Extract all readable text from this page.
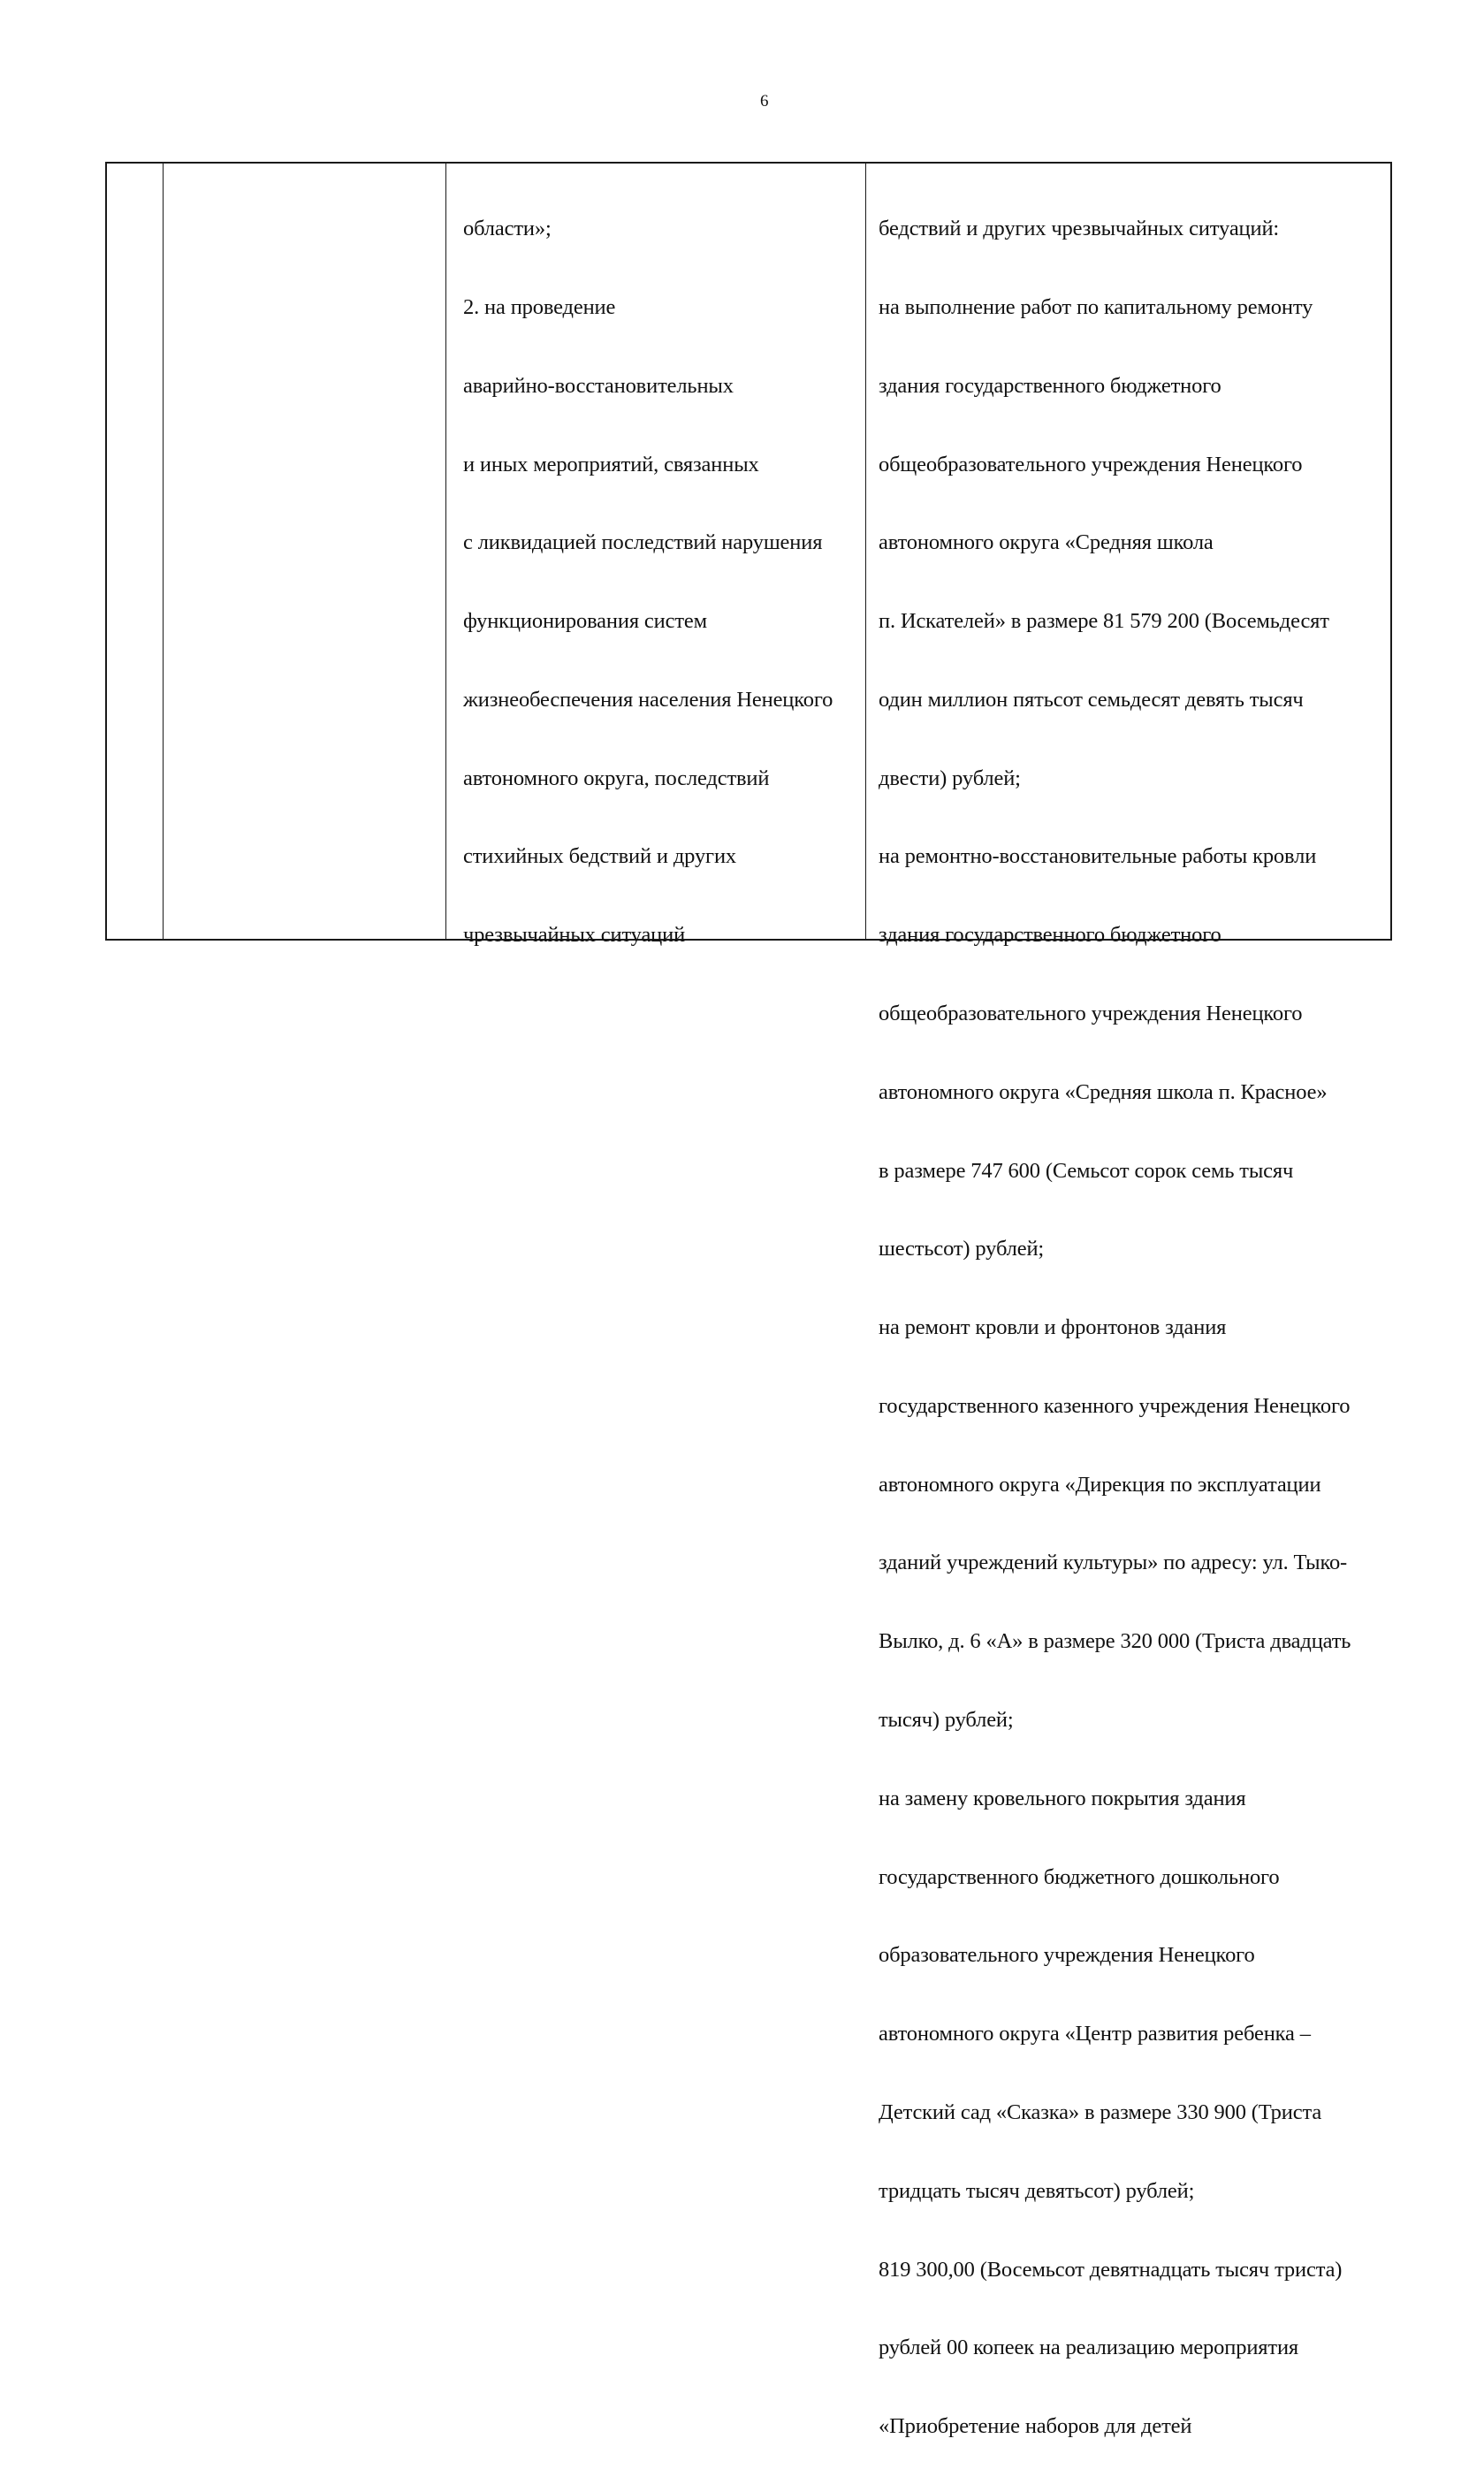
6

области»;

2. на проведение

аварийно-восстановительных

и иных мероприятий, связанных

с ликвидацией последствий нарушения

функционирования систем

жизнеобеспечения населения Ненецкого

автономного округа, последствий

стихийных бедствий и других

чрезвычайных ситуаций

бедствий и других чрезвычайных ситуаций:

на выполнение работ по капитальному ремонту

здания государственного бюджетного

общеобразовательного учреждения Ненецкого

автономного округа «Средняя школа

п. Искателей» в размере 81 579 200 (Восемьдесят

один миллион пятьсот семьдесят девять тысяч

двести) рублей;

на ремонтно-восстановительные работы кровли

здания государственного бюджетного

общеобразовательного учреждения Ненецкого

автономного округа «Средняя школа п. Красное»

в размере 747 600 (Семьсот сорок семь тысяч

шестьсот) рублей;

на ремонт кровли и фронтонов здания

государственного казенного учреждения Ненецкого

автономного округа «Дирекция по эксплуатации

зданий учреждений культуры» по адресу: ул. Тыко-

Вылко, д. 6 «А» в размере 320 000 (Триста двадцать

тысяч) рублей;

на замену кровельного покрытия здания

государственного бюджетного дошкольного

образовательного учреждения Ненецкого

автономного округа «Центр развития ребенка –

Детский сад «Сказка» в размере 330 900 (Триста

тридцать тысяч девятьсот) рублей;

819 300,00 (Восемьсот девятнадцать тысяч триста)

рублей 00 копеек на реализацию мероприятия

«Приобретение наборов для детей
